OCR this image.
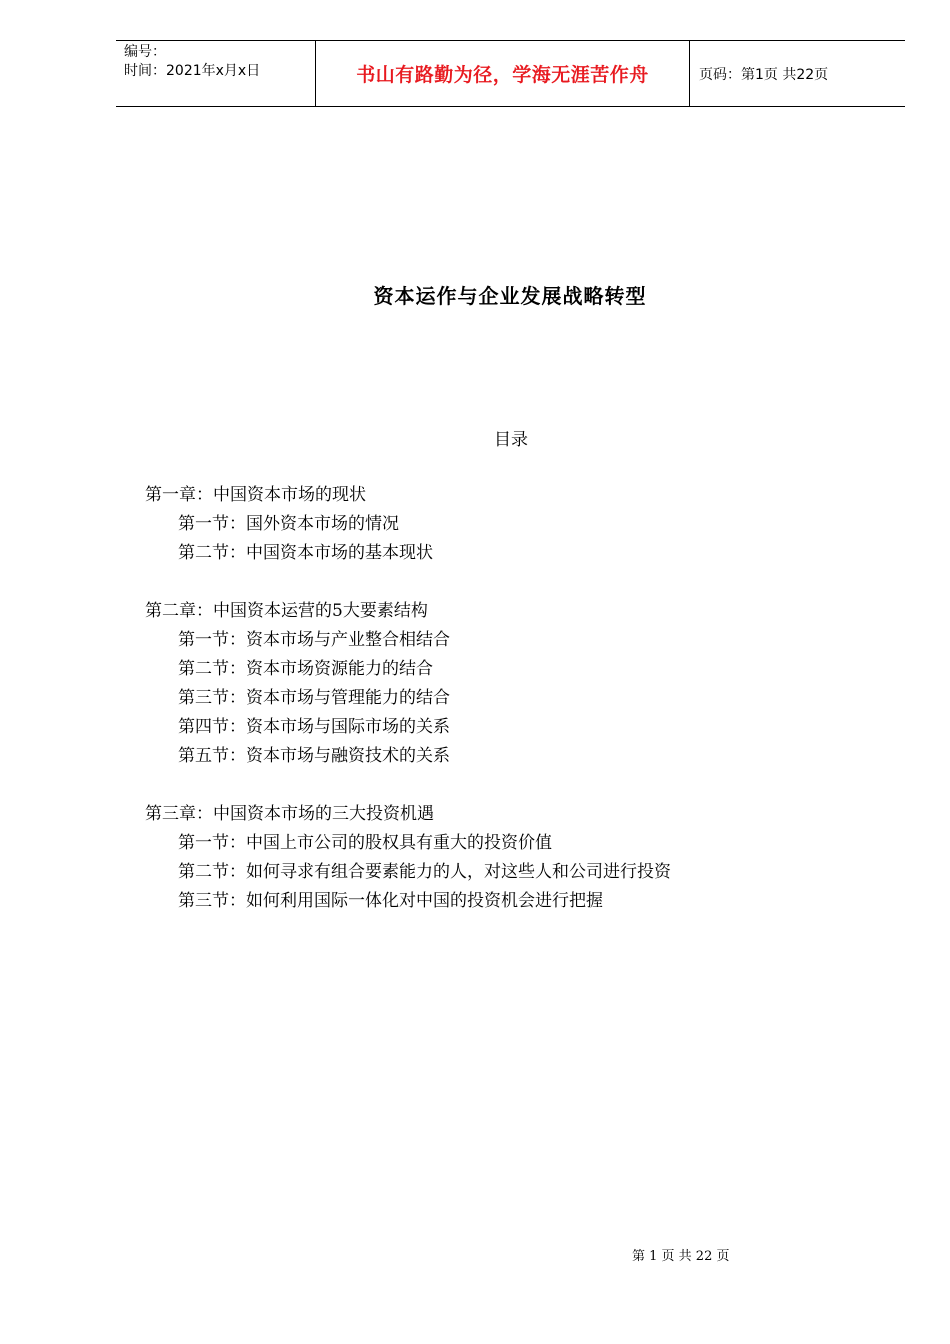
编号：
时间：2021年x月x日	书山有路勤为径，学海无涯苦作舟	页码：第1页 共22页
资本运作与企业发展战略转型
目录
第一章：中国资本市场的现状
第一节：国外资本市场的情况
第二节：中国资本市场的基本现状
第二章：中国资本运营的5大要素结构
第一节：资本市场与产业整合相结合
第二节：资本市场资源能力的结合
第三节：资本市场与管理能力的结合
第四节：资本市场与国际市场的关系
第五节：资本市场与融资技术的关系
第三章：中国资本市场的三大投资机遇
第一节：中国上市公司的股权具有重大的投资价值
第二节：如何寻求有组合要素能力的人，对这些人和公司进行投资
第三节：如何利用国际一体化对中国的投资机会进行把握
第 1 页 共 22 页
